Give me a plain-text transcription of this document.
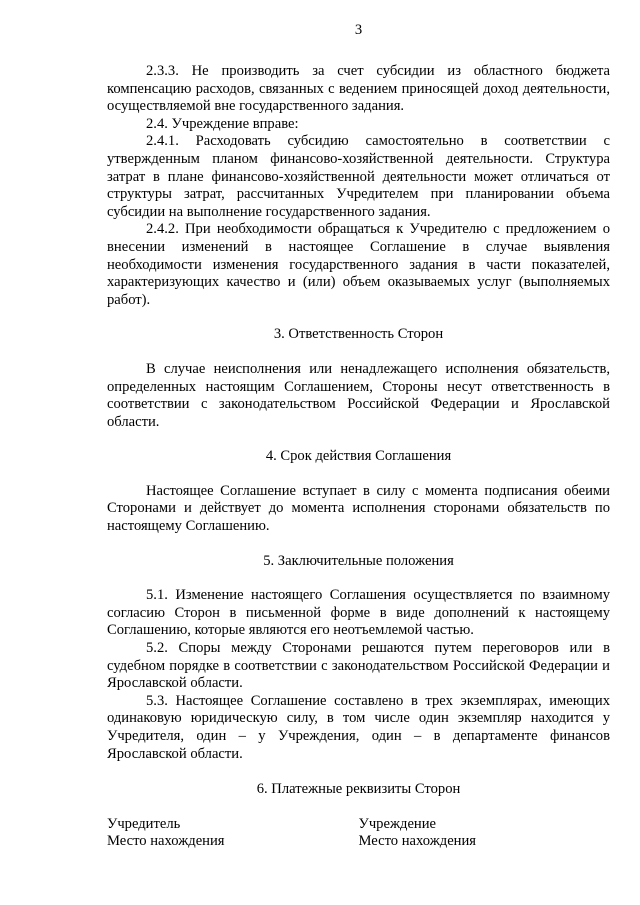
3

2.3.3. Не производить за счет субсидии из областного бюджета компенсацию расходов, связанных с ведением приносящей доход деятельности, осуществляемой вне государственного задания.

2.4. Учреждение вправе:

2.4.1. Расходовать субсидию самостоятельно в соответствии с утвержденным планом финансово-хозяйственной деятельности. Структура затрат в плане финансово-хозяйственной деятельности может отличаться от структуры затрат, рассчитанных Учредителем при планировании объема субсидии на выполнение государственного задания.

2.4.2. При необходимости обращаться к Учредителю с предложением о внесении изменений в настоящее Соглашение в случае выявления необходимости изменения государственного задания в части показателей, характеризующих качество и (или) объем оказываемых услуг (выполняемых работ).

3. Ответственность Сторон

В случае неисполнения или ненадлежащего исполнения обязательств, определенных настоящим Соглашением, Стороны несут ответственность в соответствии с законодательством Российской Федерации и Ярославской области.

4. Срок действия Соглашения

Настоящее Соглашение вступает в силу с момента подписания обеими Сторонами и действует до момента исполнения сторонами обязательств по настоящему Соглашению.

5. Заключительные положения

5.1. Изменение настоящего Соглашения осуществляется по взаимному согласию Сторон в письменной форме в виде дополнений к настоящему Соглашению, которые являются его неотъемлемой частью.

5.2. Споры между Сторонами решаются путем переговоров или в судебном порядке в соответствии с законодательством Российской Федерации и Ярославской области.

5.3. Настоящее Соглашение составлено в трех экземплярах, имеющих одинаковую юридическую силу, в том числе один экземпляр находится у Учредителя, один – у Учреждения, один – в департаменте финансов Ярославской области.

6. Платежные реквизиты Сторон
Учредитель
Место нахождения
Учреждение
Место нахождения
